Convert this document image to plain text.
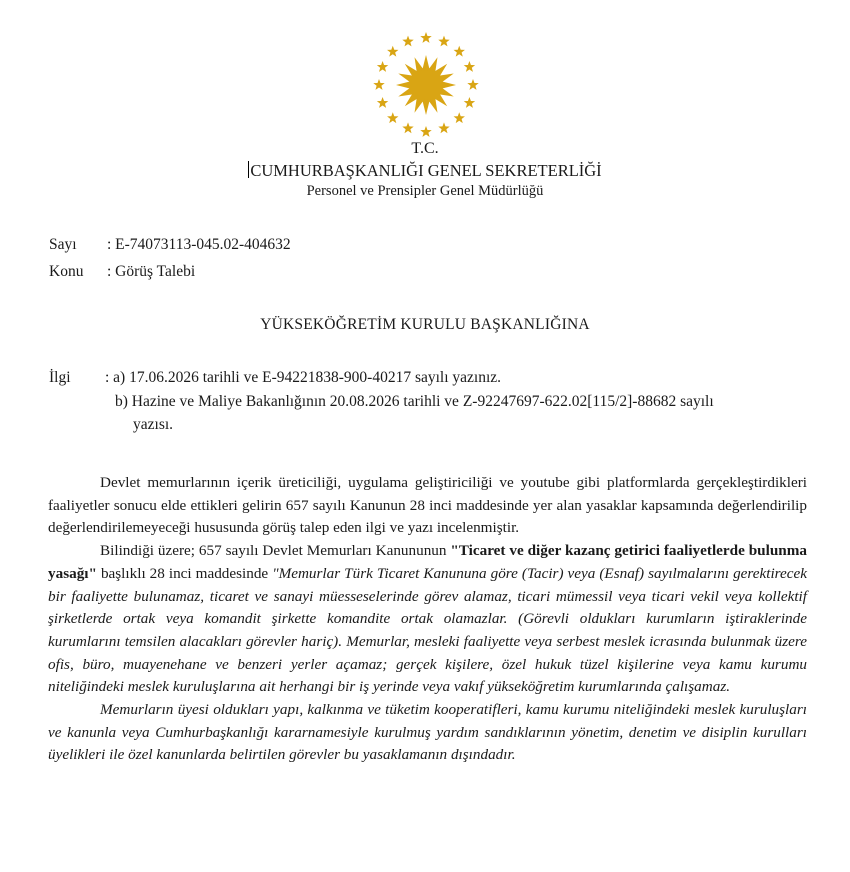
T.C.
CUMHURBAŞKANLIĞI GENEL SEKRETERLİĞİ
Personel ve Prensipler Genel Müdürlüğü
Sayı : E-74073113-045.02-404632
Konu : Görüş Talebi
YÜKSEKÖĞRETİM KURULU BAŞKANLIĞINA
İlgi : a) 17.06.2026 tarihli ve E-94221838-900-40217 sayılı yazınız.
b) Hazine ve Maliye Bakanlığının 20.08.2026 tarihli ve Z-92247697-622.02[115/2]-88682 sayılı
yazısı.

Devlet memurlarının içerik üreticiliği, uygulama geliştiriciliği ve youtube gibi platformlarda gerçekleştirdikleri faaliyetler sonucu elde ettikleri gelirin 657 sayılı Kanunun 28 inci maddesinde yer alan yasaklar kapsamında değerlendirilip değerlendirilemeyeceği hususunda görüş talep eden ilgi ve yazı incelenmiştir.

Bilindiği üzere; 657 sayılı Devlet Memurları Kanununun "Ticaret ve diğer kazanç getirici faaliyetlerde bulunma yasağı" başlıklı 28 inci maddesinde "Memurlar Türk Ticaret Kanununa göre (Tacir) veya (Esnaf) sayılmalarını gerektirecek bir faaliyette bulunamaz, ticaret ve sanayi müesseselerinde görev alamaz, ticari mümessil veya ticari vekil veya kollektif şirketlerde ortak veya komandit şirkette komandite ortak olamazlar. (Görevli oldukları kurumların iştiraklerinde kurumlarını temsilen alacakları görevler hariç). Memurlar, mesleki faaliyette veya serbest meslek icrasında bulunmak üzere ofis, büro, muayenehane ve benzeri yerler açamaz; gerçek kişilere, özel hukuk tüzel kişilerine veya kamu kurumu niteliğindeki meslek kuruluşlarına ait herhangi bir iş yerinde veya vakıf yükseköğretim kurumlarında çalışamaz.

Memurların üyesi oldukları yapı, kalkınma ve tüketim kooperatifleri, kamu kurumu niteliğindeki meslek kuruluşları ve kanunla veya Cumhurbaşkanlığı kararnamesiyle kurulmuş yardım sandıklarının yönetim, denetim ve disiplin kurulları üyelikleri ile özel kanunlarda belirtilen görevler bu yasaklamanın dışındadır.
